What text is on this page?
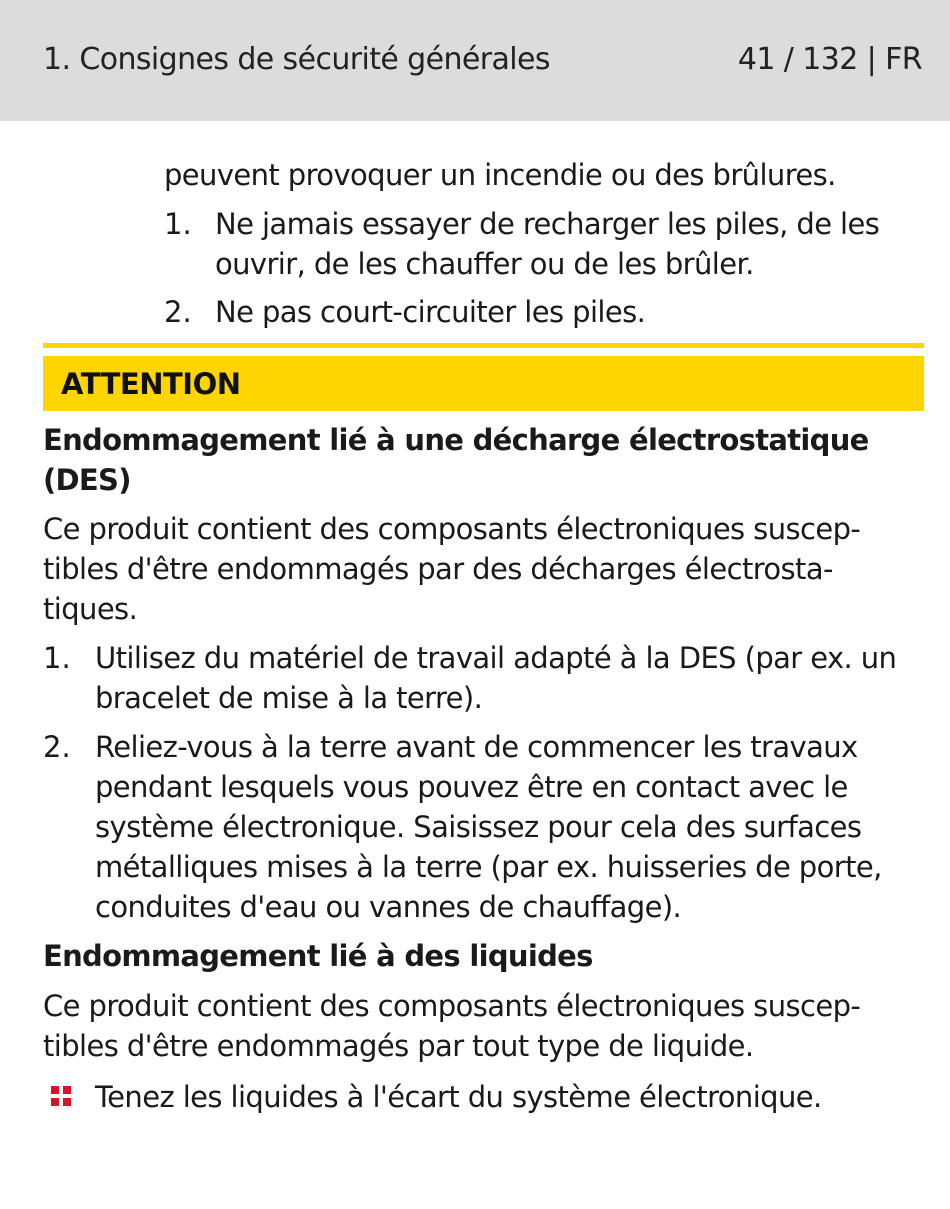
1. Consignes de sécurité générales	41 / 132 | FR
peuvent provoquer un incendie ou des brûlures.
1. Ne jamais essayer de recharger les piles, de les
ouvrir, de les chauffer ou de les brûler.
2. Ne pas court-circuiter les piles.
ATTENTION
Endommagement lié à une décharge électrostatique
(DES)
Ce produit contient des composants électroniques suscep-
tibles d'être endommagés par des décharges électrosta-
tiques.
1. Utilisez du matériel de travail adapté à la DES (par ex. un
bracelet de mise à la terre).
2. Reliez-vous à la terre avant de commencer les travaux
pendant lesquels vous pouvez être en contact avec le
système électronique. Saisissez pour cela des surfaces
métalliques mises à la terre (par ex. huisseries de porte,
conduites d'eau ou vannes de chauffage).
Endommagement lié à des liquides
Ce produit contient des composants électroniques suscep-
tibles d'être endommagés par tout type de liquide.
Tenez les liquides à l'écart du système électronique.
